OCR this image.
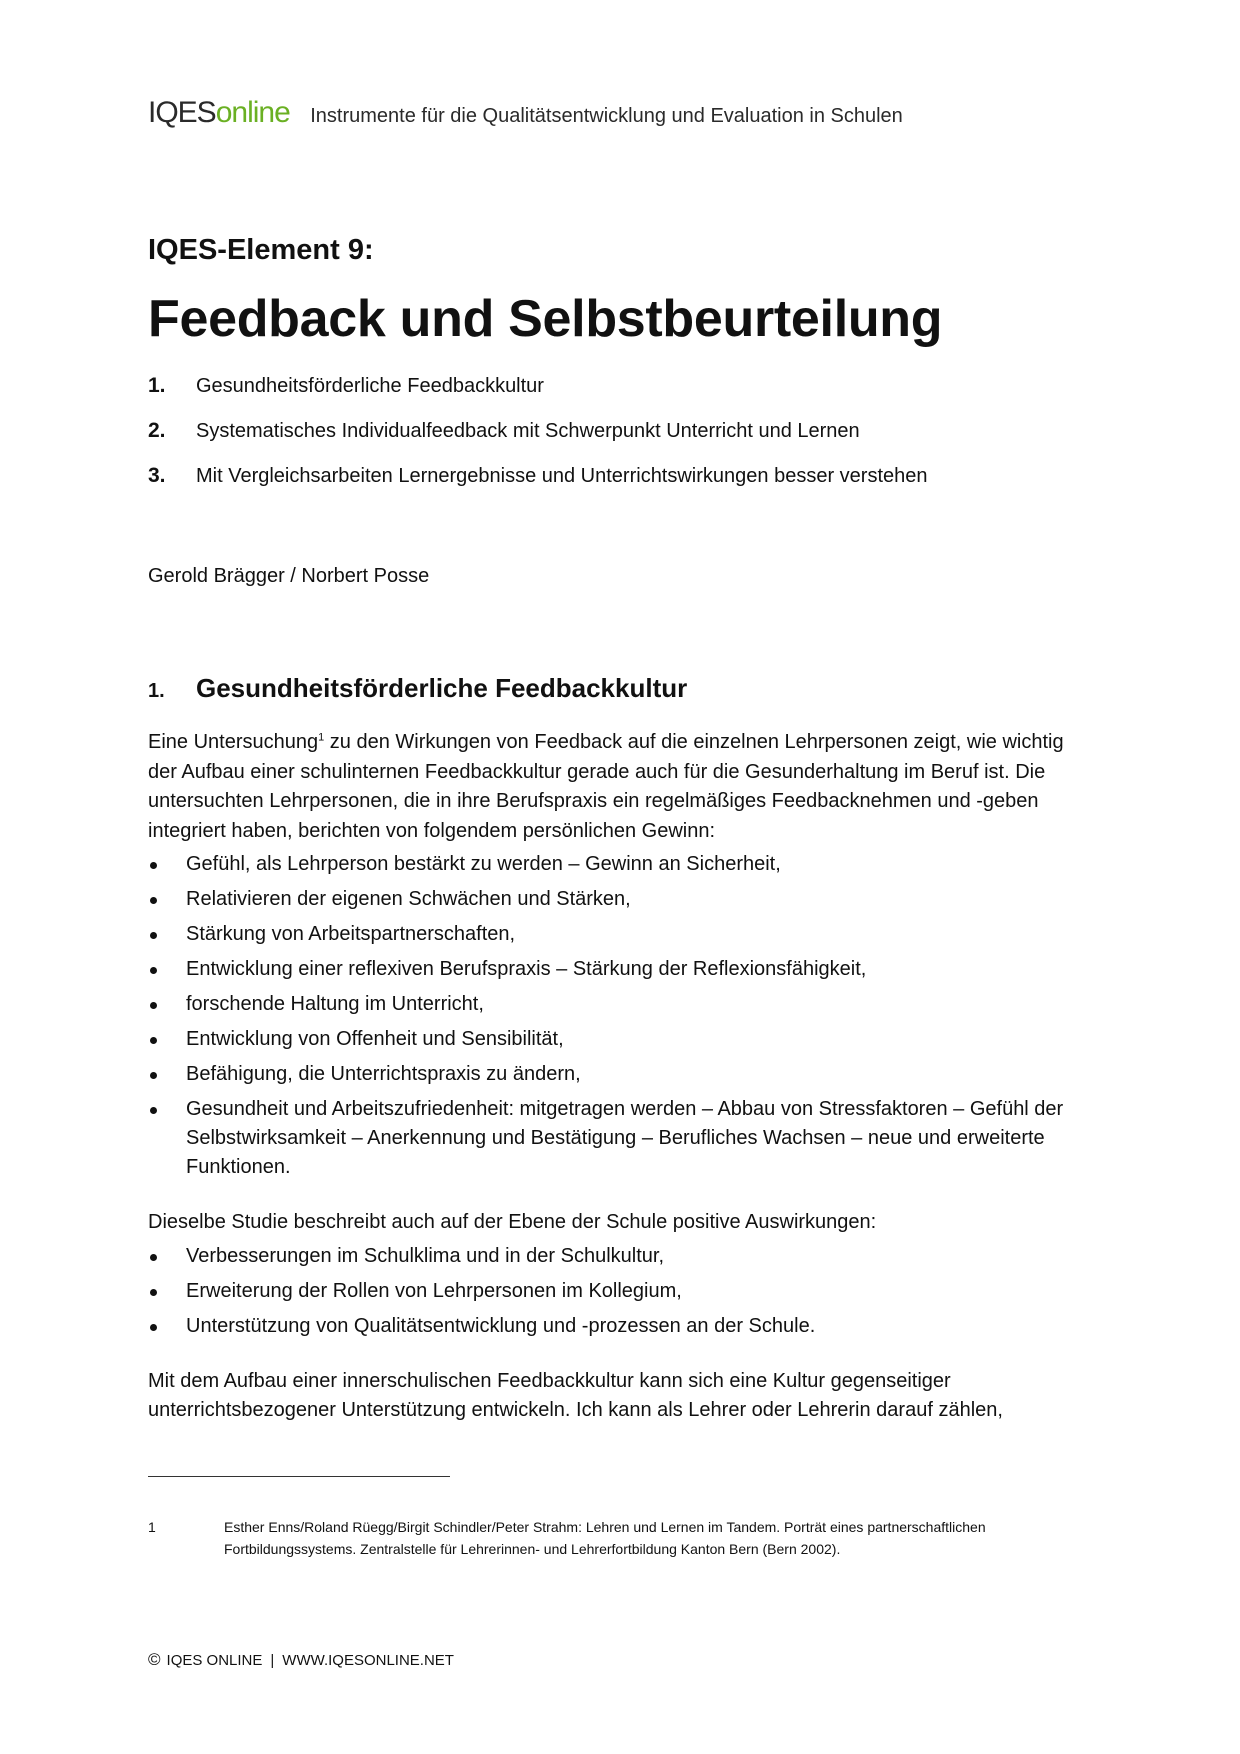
IQESonline Instrumente für die Qualitätsentwicklung und Evaluation in Schulen
IQES-Element 9:
Feedback und Selbstbeurteilung
1. Gesundheitsförderliche Feedbackkultur
2. Systematisches Individualfeedback mit Schwerpunkt Unterricht und Lernen
3. Mit Vergleichsarbeiten Lernergebnisse und Unterrichtswirkungen besser verstehen
Gerold Brägger / Norbert Posse
1. Gesundheitsförderliche Feedbackkultur

Eine Untersuchung$^1$ zu den Wirkungen von Feedback auf die einzelnen Lehrpersonen zeigt, wie wichtig der Aufbau einer schulinternen Feedbackkultur gerade auch für die Gesunderhaltung im Beruf ist. Die untersuchten Lehrpersonen, die in ihre Berufspraxis ein regelmäßiges Feedbacknehmen und -geben integriert haben, berichten von folgendem persönlichen Gewinn:

Gefühl, als Lehrperson bestärkt zu werden – Gewinn an Sicherheit,
Relativieren der eigenen Schwächen und Stärken,
Stärkung von Arbeitspartnerschaften,
Entwicklung einer reflexiven Berufspraxis – Stärkung der Reflexionsfähigkeit,
forschende Haltung im Unterricht,
Entwicklung von Offenheit und Sensibilität,
Befähigung, die Unterrichtspraxis zu ändern,
Gesundheit und Arbeitszufriedenheit: mitgetragen werden – Abbau von Stressfaktoren – Gefühl der Selbstwirksamkeit – Anerkennung und Bestätigung – Berufliches Wachsen – neue und erweiterte Funktionen.

Dieselbe Studie beschreibt auch auf der Ebene der Schule positive Auswirkungen:

Verbesserungen im Schulklima und in der Schulkultur,
Erweiterung der Rollen von Lehrpersonen im Kollegium,
Unterstützung von Qualitätsentwicklung und -prozessen an der Schule.

Mit dem Aufbau einer innerschulischen Feedbackkultur kann sich eine Kultur gegenseitiger unterrichtsbezogener Unterstützung entwickeln. Ich kann als Lehrer oder Lehrerin darauf zählen,

1	Esther Enns/Roland Rüegg/Birgit Schindler/Peter Strahm: Lehren und Lernen im Tandem. Porträt eines partnerschaftlichen Fortbildungssystems. Zentralstelle für Lehrerinnen- und Lehrerfortbildung Kanton Bern (Bern 2002).
© IQES ONLINE | WWW.IQESONLINE.NET
